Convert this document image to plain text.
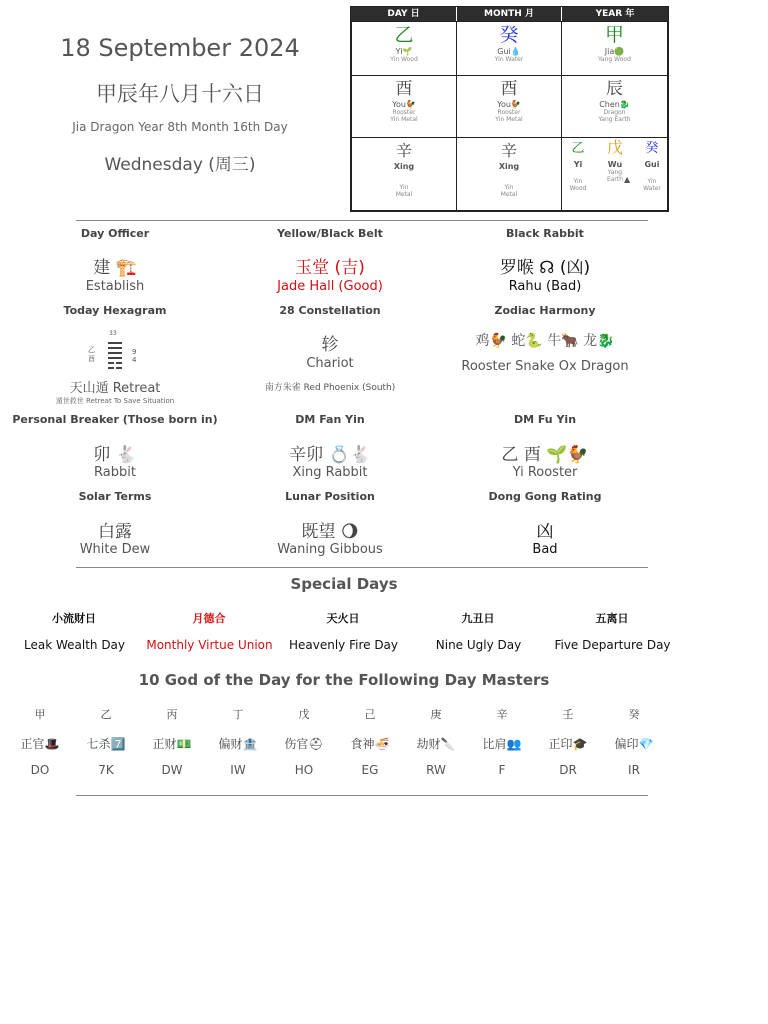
18 September 2024
甲辰年八月十六日
Jia Dragon Year 8th Month 16th Day
Wednesday (周三)
DAY 日	MONTH 月	YEAR 年
乙
Yi🌱
Yin Wood
癸
Gui💧
Yin Water
甲
Jia🟢
Yang Wood
酉
You🐓
Rooster
Yin Metal
酉
You🐓
Rooster
Yin Metal
辰
Chen🐉
Dragon
Yang Earth
辛
Xing
Yin
Metal
辛
Xing
Yin
Metal
乙
Yi
Yin
Wood
戊
Wu
Yang
Earth ▲
癸
Gui
Yin
Water
Day Officer
建 🏗️
Establish
Yellow/Black Belt
玉堂 (吉)
Jade Hall (Good)
Black Rabbit
罗喉 ☊ (凶)
Rahu (Bad)
Today Hexagram
33
乙
酉
9
4
天山遁 Retreat
遁世救世 Retreat To Save Situation
28 Constellation
轸
Chariot
南方朱雀 Red Phoenix (South)
Zodiac Harmony
鸡🐓 蛇🐍 牛🐂 龙🐉
Rooster Snake Ox Dragon
Personal Breaker (Those born in)
卯 🐇
Rabbit
DM Fan Yin
辛卯 💍🐇
Xing Rabbit
DM Fu Yin
乙 酉 🌱🐓
Yi Rooster
Solar Terms
白露
White Dew
Lunar Position
既望 🌖
Waning Gibbous
Dong Gong Rating
凶
Bad
Special Days
小流财日
Leak Wealth Day
月德合
Monthly Virtue Union
天火日
Heavenly Fire Day
九丑日
Nine Ugly Day
五离日
Five Departure Day
10 God of the Day for the Following Day Masters
甲
正官🎩
DO
乙
七杀7️⃣
7K
丙
正财💵
DW
丁
偏财🏦
IW
戊
伤官⛑
HO
己
食神🍜
EG
庚
劫财🔪
RW
辛
比肩👥
F
壬
正印🎓
DR
癸
偏印💎
IR
